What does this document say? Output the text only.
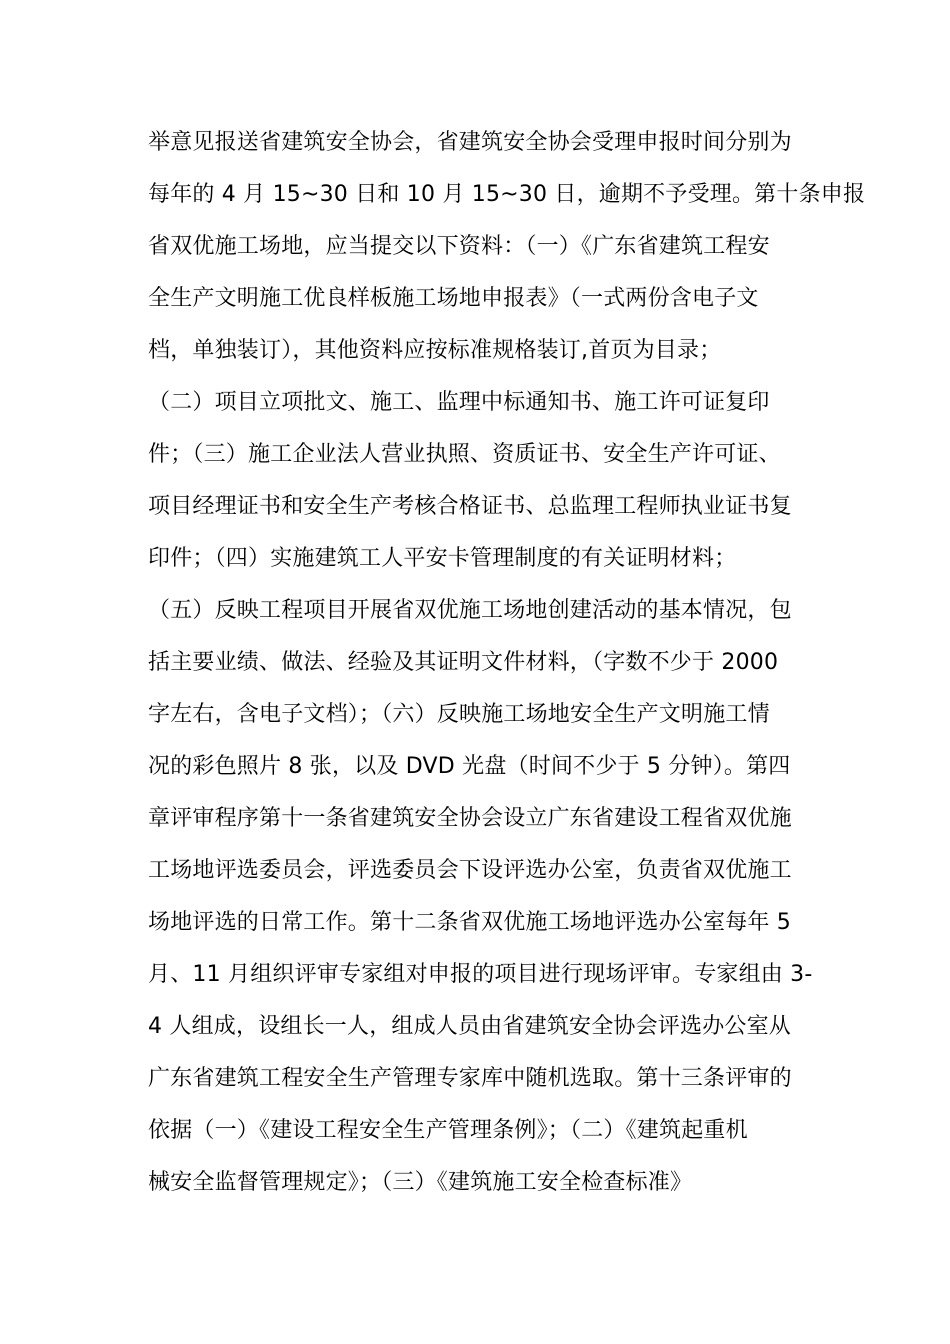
举意见报送省建筑安全协会，省建筑安全协会受理申报时间分别为
每年的 4 月 15~30 日和 10 月 15~30 日，逾期不予受理。第十条申报
省双优施工场地，应当提交以下资料：（一）《广东省建筑工程安
全生产文明施工优良样板施工场地申报表》（一式两份含电子文
档，单独装订），其他资料应按标准规格装订,首页为目录；
（二）项目立项批文、施工、监理中标通知书、施工许可证复印
件；（三）施工企业法人营业执照、资质证书、安全生产许可证、
项目经理证书和安全生产考核合格证书、总监理工程师执业证书复
印件；（四）实施建筑工人平安卡管理制度的有关证明材料；
（五）反映工程项目开展省双优施工场地创建活动的基本情况，包
括主要业绩、做法、经验及其证明文件材料，（字数不少于 2000
字左右，含电子文档）；（六）反映施工场地安全生产文明施工情
况的彩色照片 8 张，以及 DVD 光盘（时间不少于 5 分钟）。第四
章评审程序第十一条省建筑安全协会设立广东省建设工程省双优施
工场地评选委员会，评选委员会下设评选办公室，负责省双优施工
场地评选的日常工作。第十二条省双优施工场地评选办公室每年 5
月、11 月组织评审专家组对申报的项目进行现场评审。专家组由 3-
4 人组成，设组长一人，组成人员由省建筑安全协会评选办公室从
广东省建筑工程安全生产管理专家库中随机选取。第十三条评审的
依据（一）《建设工程安全生产管理条例》；（二）《建筑起重机
械安全监督管理规定》；（三）《建筑施工安全检查标准》
